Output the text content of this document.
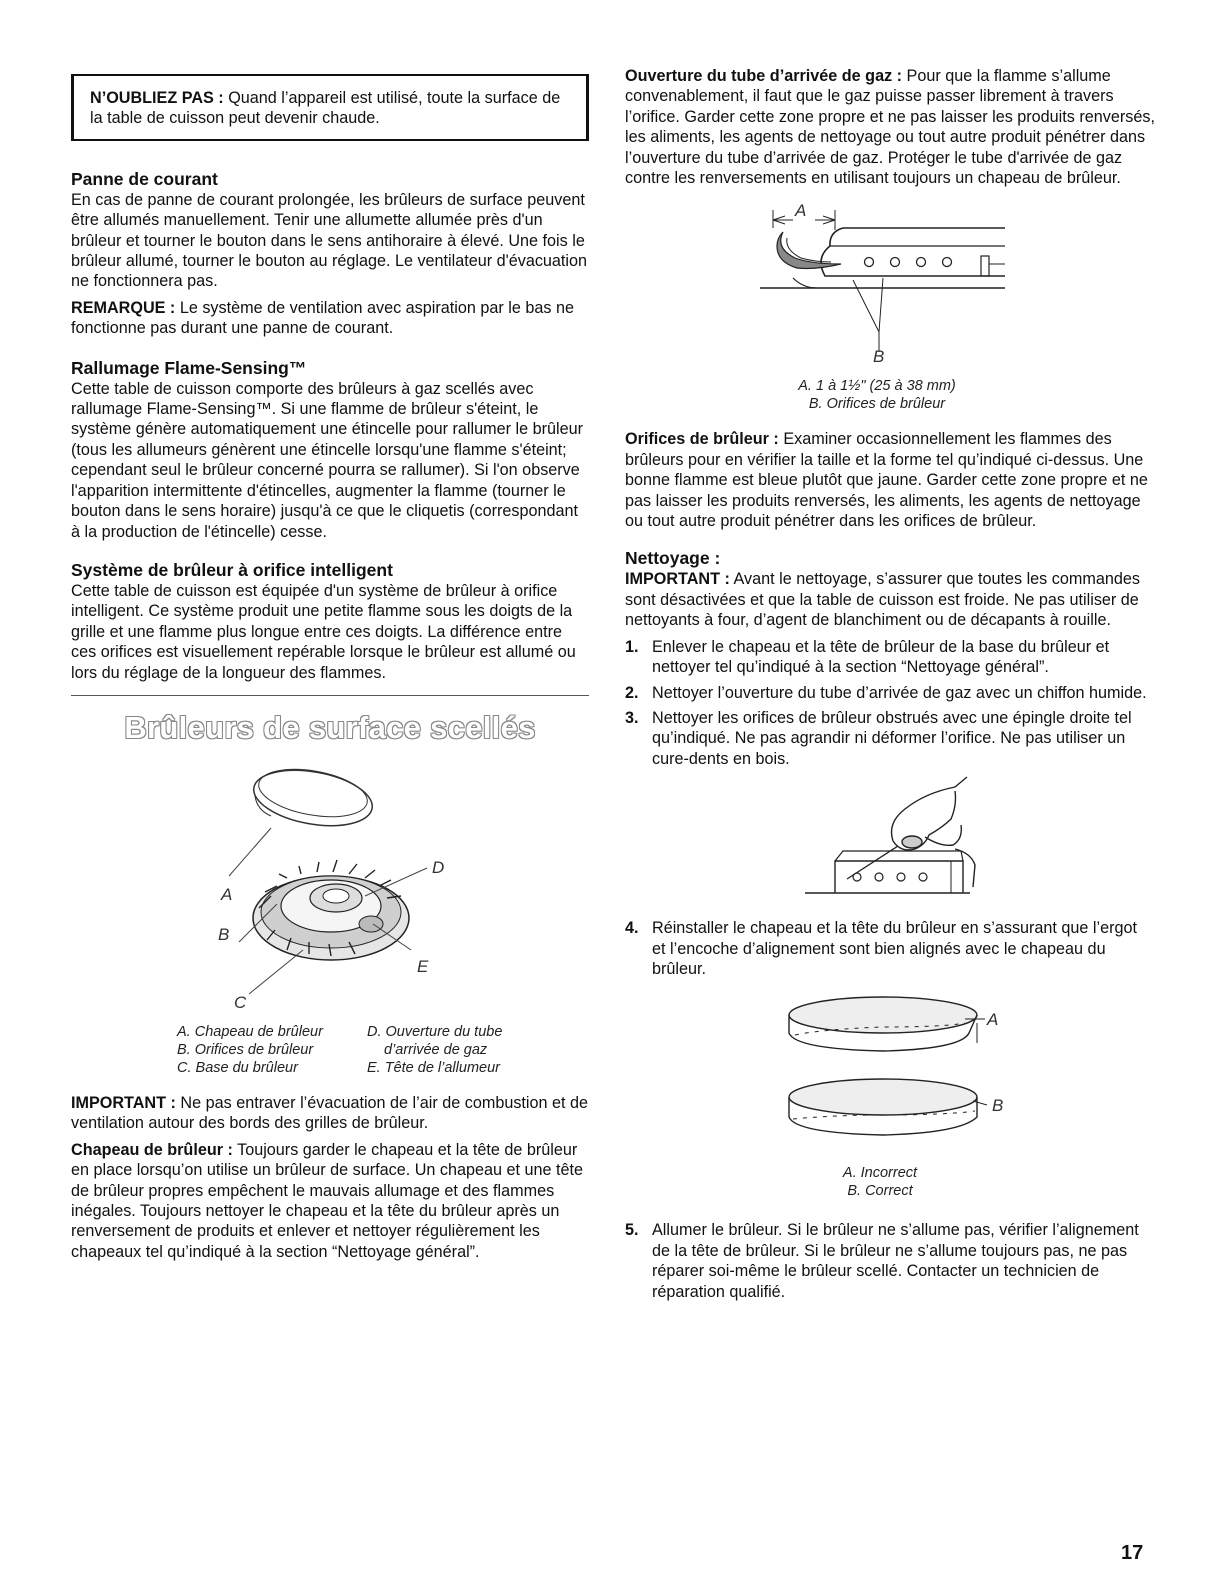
N’OUBLIEZ PAS : Quand l’appareil est utilisé, toute la surface de la table de cuisson peut devenir chaude.
Panne de courant

En cas de panne de courant prolongée, les brûleurs de surface peuvent être allumés manuellement. Tenir une allumette allumée près d'un brûleur et tourner le bouton dans le sens antihoraire à élevé. Une fois le brûleur allumé, tourner le bouton au réglage. Le ventilateur d'évacuation ne fonctionnera pas.

REMARQUE : Le système de ventilation avec aspiration par le bas ne fonctionne pas durant une panne de courant.

Rallumage Flame-Sensing™

Cette table de cuisson comporte des brûleurs à gaz scellés avec rallumage Flame-Sensing™. Si une flamme de brûleur s'éteint, le système génère automatiquement une étincelle pour rallumer le brûleur (tous les allumeurs génèrent une étincelle lorsqu'une flamme s'éteint; cependant seul le brûleur concerné pourra se rallumer). Si l'on observe l'apparition intermittente d'étincelles, augmenter la flamme (tourner le bouton dans le sens horaire) jusqu'à ce que le cliquetis (correspondant à la production de l'étincelle) cesse.

Système de brûleur à orifice intelligent

Cette table de cuisson est équipée d'un système de brûleur à orifice intelligent. Ce système produit une petite flamme sous les doigts de la grille et une flamme plus longue entre ces doigts. La différence entre ces orifices est visuellement repérable lorsque le brûleur est allumé ou lors du réglage de la longueur des flammes.

Brûleurs de surface scellés
A
B
C
D
E
A. Chapeau de brûleur
B. Orifices de brûleur
C. Base du brûleur
D. Ouverture du tube
d’arrivée de gaz
E. Tête de l’allumeur

IMPORTANT : Ne pas entraver l’évacuation de l’air de combustion et de ventilation autour des bords des grilles de brûleur.

Chapeau de brûleur : Toujours garder le chapeau et la tête de brûleur en place lorsqu’on utilise un brûleur de surface. Un chapeau et une tête de brûleur propres empêchent le mauvais allumage et des flammes inégales. Toujours nettoyer le chapeau et la tête du brûleur après un renversement de produits et enlever et nettoyer régulièrement les chapeaux tel qu’indiqué à la section “Nettoyage général”.

Ouverture du tube d’arrivée de gaz : Pour que la flamme s’allume convenablement, il faut que le gaz puisse passer librement à travers l’orifice. Garder cette zone propre et ne pas laisser les produits renversés, les aliments, les agents de nettoyage ou tout autre produit pénétrer dans l’ouverture du tube d’arrivée de gaz. Protéger le tube d'arrivée de gaz contre les renversements en utilisant toujours un chapeau de brûleur.

A
B
A. 1 à 1½" (25 à 38 mm)
B. Orifices de brûleur

Orifices de brûleur : Examiner occasionnellement les flammes des brûleurs pour en vérifier la taille et la forme tel qu’indiqué ci-dessus. Une bonne flamme est bleue plutôt que jaune. Garder cette zone propre et ne pas laisser les produits renversés, les aliments, les agents de nettoyage ou tout autre produit pénétrer dans les orifices de brûleur.

Nettoyage :

IMPORTANT : Avant le nettoyage, s’assurer que toutes les commandes sont désactivées et que la table de cuisson est froide. Ne pas utiliser de nettoyants à four, d’agent de blanchiment ou de décapants à rouille.

1. Enlever le chapeau et la tête de brûleur de la base du brûleur et nettoyer tel qu’indiqué à la section “Nettoyage général”.
2. Nettoyer l’ouverture du tube d’arrivée de gaz avec un chiffon humide.
3. Nettoyer les orifices de brûleur obstrués avec une épingle droite tel qu’indiqué. Ne pas agrandir ni déformer l’orifice. Ne pas utiliser un cure-dents en bois.
4. Réinstaller le chapeau et la tête du brûleur en s’assurant que l’ergot et l’encoche d’alignement sont bien alignés avec le chapeau du brûleur.
A
B
A. Incorrect
B. Correct
5. Allumer le brûleur. Si le brûleur ne s’allume pas, vérifier l’alignement de la tête de brûleur. Si le brûleur ne s’allume toujours pas, ne pas réparer soi-même le brûleur scellé. Contacter un technicien de réparation qualifié.
17
